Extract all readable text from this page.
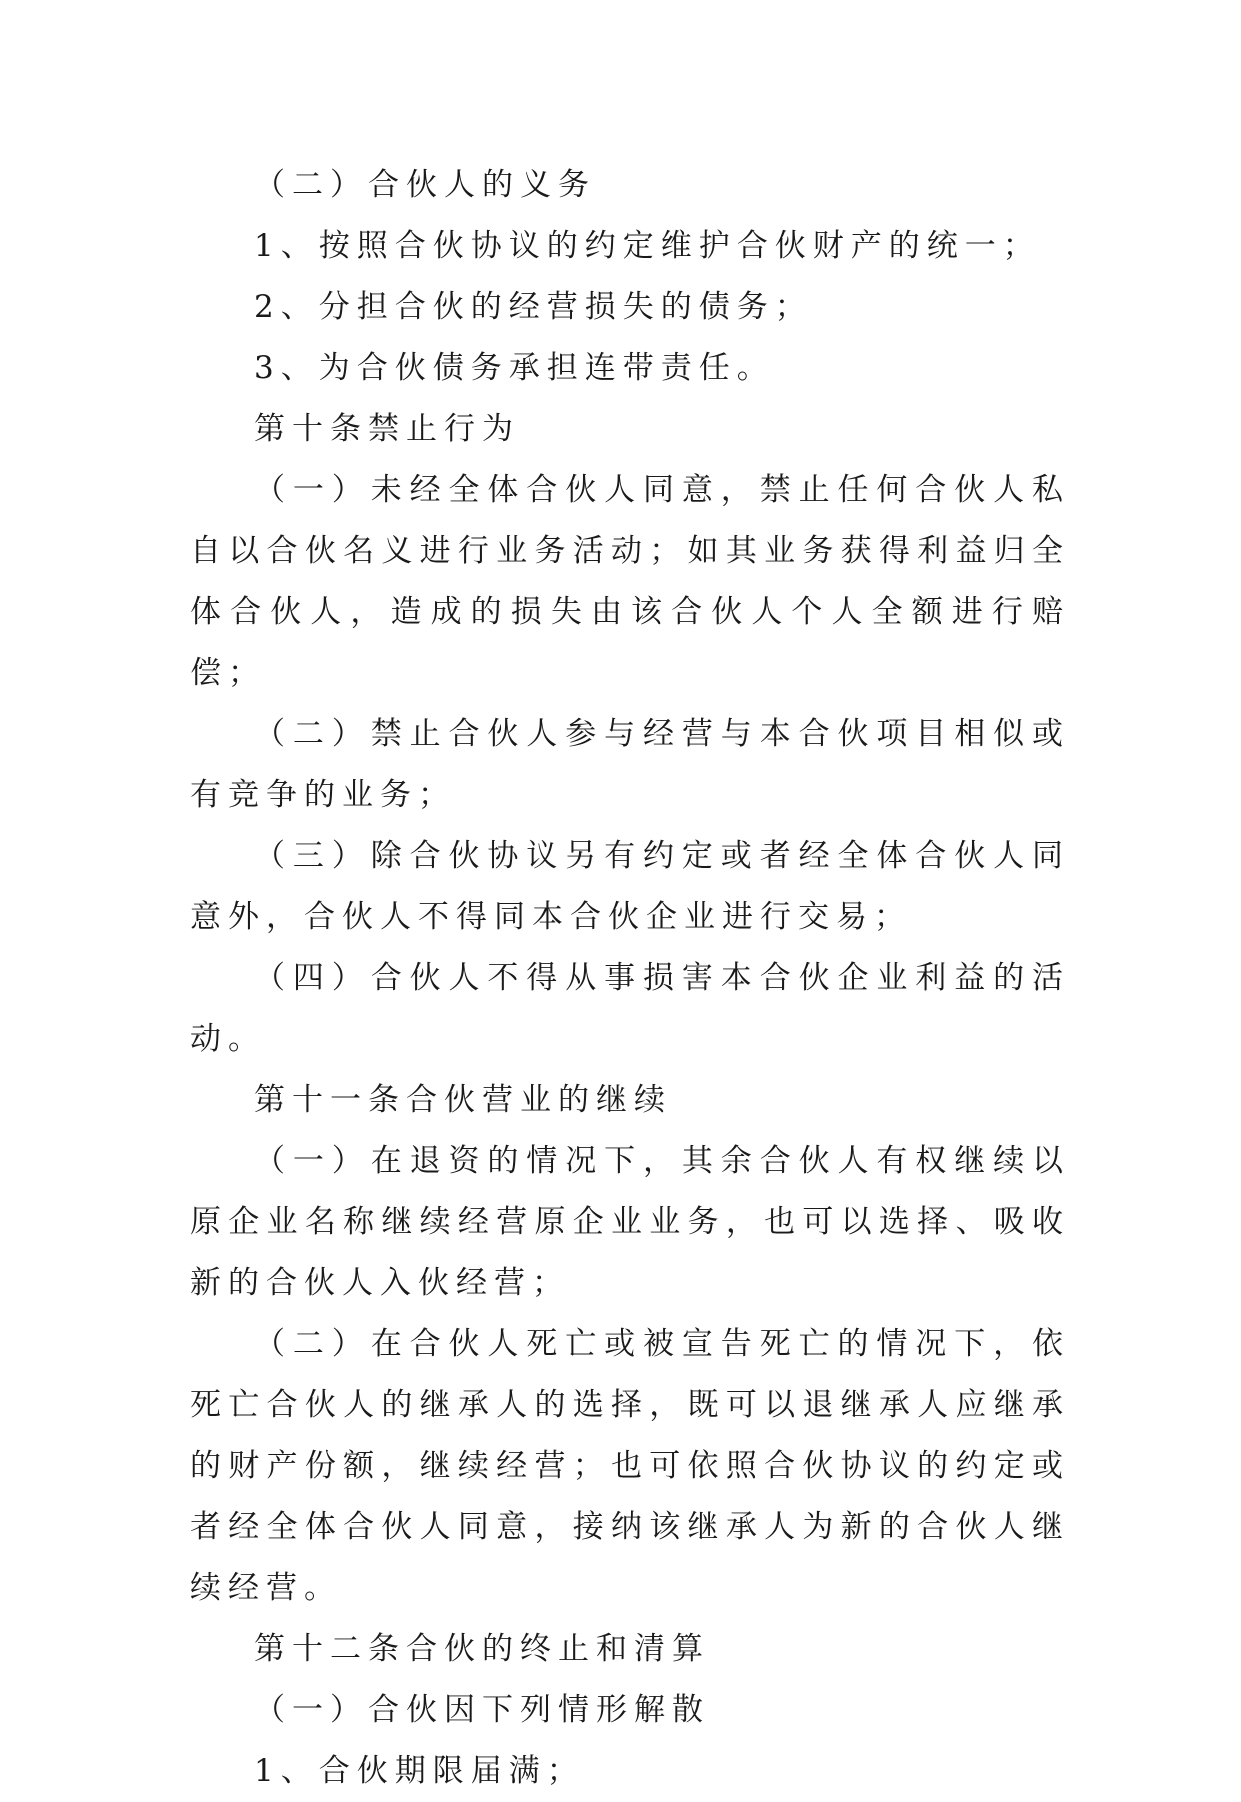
（二）合伙人的义务

1、按照合伙协议的约定维护合伙财产的统一；

2、分担合伙的经营损失的债务；

3、为合伙债务承担连带责任。

第十条禁止行为

（一）未经全体合伙人同意，禁止任何合伙人私自以合伙名义进行业务活动；如其业务获得利益归全体合伙人，造成的损失由该合伙人个人全额进行赔偿；

（二）禁止合伙人参与经营与本合伙项目相似或有竞争的业务；

（三）除合伙协议另有约定或者经全体合伙人同意外，合伙人不得同本合伙企业进行交易；

（四）合伙人不得从事损害本合伙企业利益的活动。

第十一条合伙营业的继续

（一）在退资的情况下，其余合伙人有权继续以原企业名称继续经营原企业业务，也可以选择、吸收新的合伙人入伙经营；

（二）在合伙人死亡或被宣告死亡的情况下，依死亡合伙人的继承人的选择，既可以退继承人应继承的财产份额，继续经营；也可依照合伙协议的约定或者经全体合伙人同意，接纳该继承人为新的合伙人继续经营。

第十二条合伙的终止和清算

（一）合伙因下列情形解散

1、合伙期限届满；
